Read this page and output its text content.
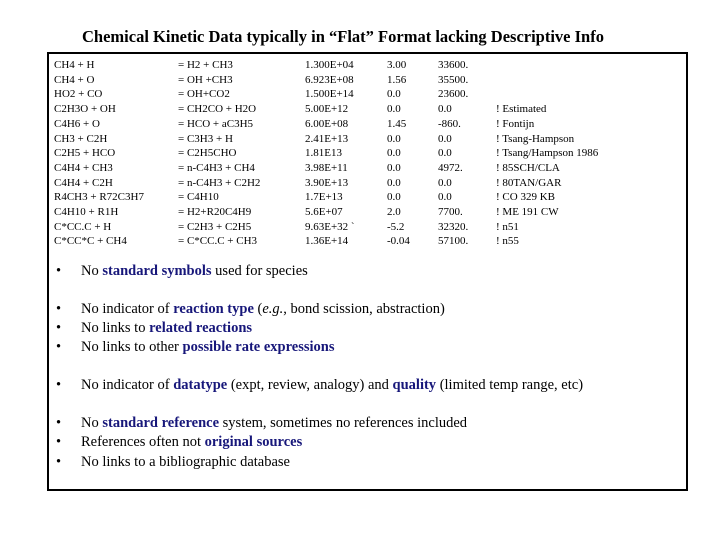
Chemical Kinetic Data typically in “Flat” Format lacking Descriptive Info
CH4 + H	= H2 + CH3	1.300E+04	3.00	33600.
CH4 + O	= OH +CH3	6.923E+08	1.56	35500.
HO2 + CO	= OH+CO2	1.500E+14	0.0	23600.
C2H3O + OH	= CH2CO + H2O	5.00E+12	0.0	0.0	! Estimated
C4H6 + O	= HCO + aC3H5	6.00E+08	1.45	-860.	! Fontijn
CH3 + C2H	= C3H3 + H	2.41E+13	0.0	0.0	! Tsang-Hampson
C2H5 + HCO	= C2H5CHO	1.81E13	0.0	0.0	! Tsang/Hampson 1986
C4H4 + CH3	= n-C4H3 + CH4	3.98E+11	0.0	4972.	! 85SCH/CLA
C4H4 + C2H	= n-C4H3 + C2H2	3.90E+13	0.0	0.0	! 80TAN/GAR
R4CH3 + R72C3H7	= C4H10	1.7E+13	0.0	0.0	! CO 329 KB
C4H10 + R1H	= H2+R20C4H9	5.6E+07	2.0	7700.	! ME 191 CW
C*CC.C + H	= C2H3 + C2H5	9.63E+32 `	-5.2	32320.	! n51
C*CC*C + CH4	= C*CC.C + CH3	1.36E+14	-0.04	57100.	! n55
• No standard symbols used for species
• No indicator of reaction type (e.g., bond scission, abstraction)
• No links to related reactions
• No links to other possible rate expressions
• No indicator of datatype (expt, review, analogy) and quality (limited temp range, etc)
• No standard reference system, sometimes no references included
• References often not original sources
• No links to a bibliographic database
